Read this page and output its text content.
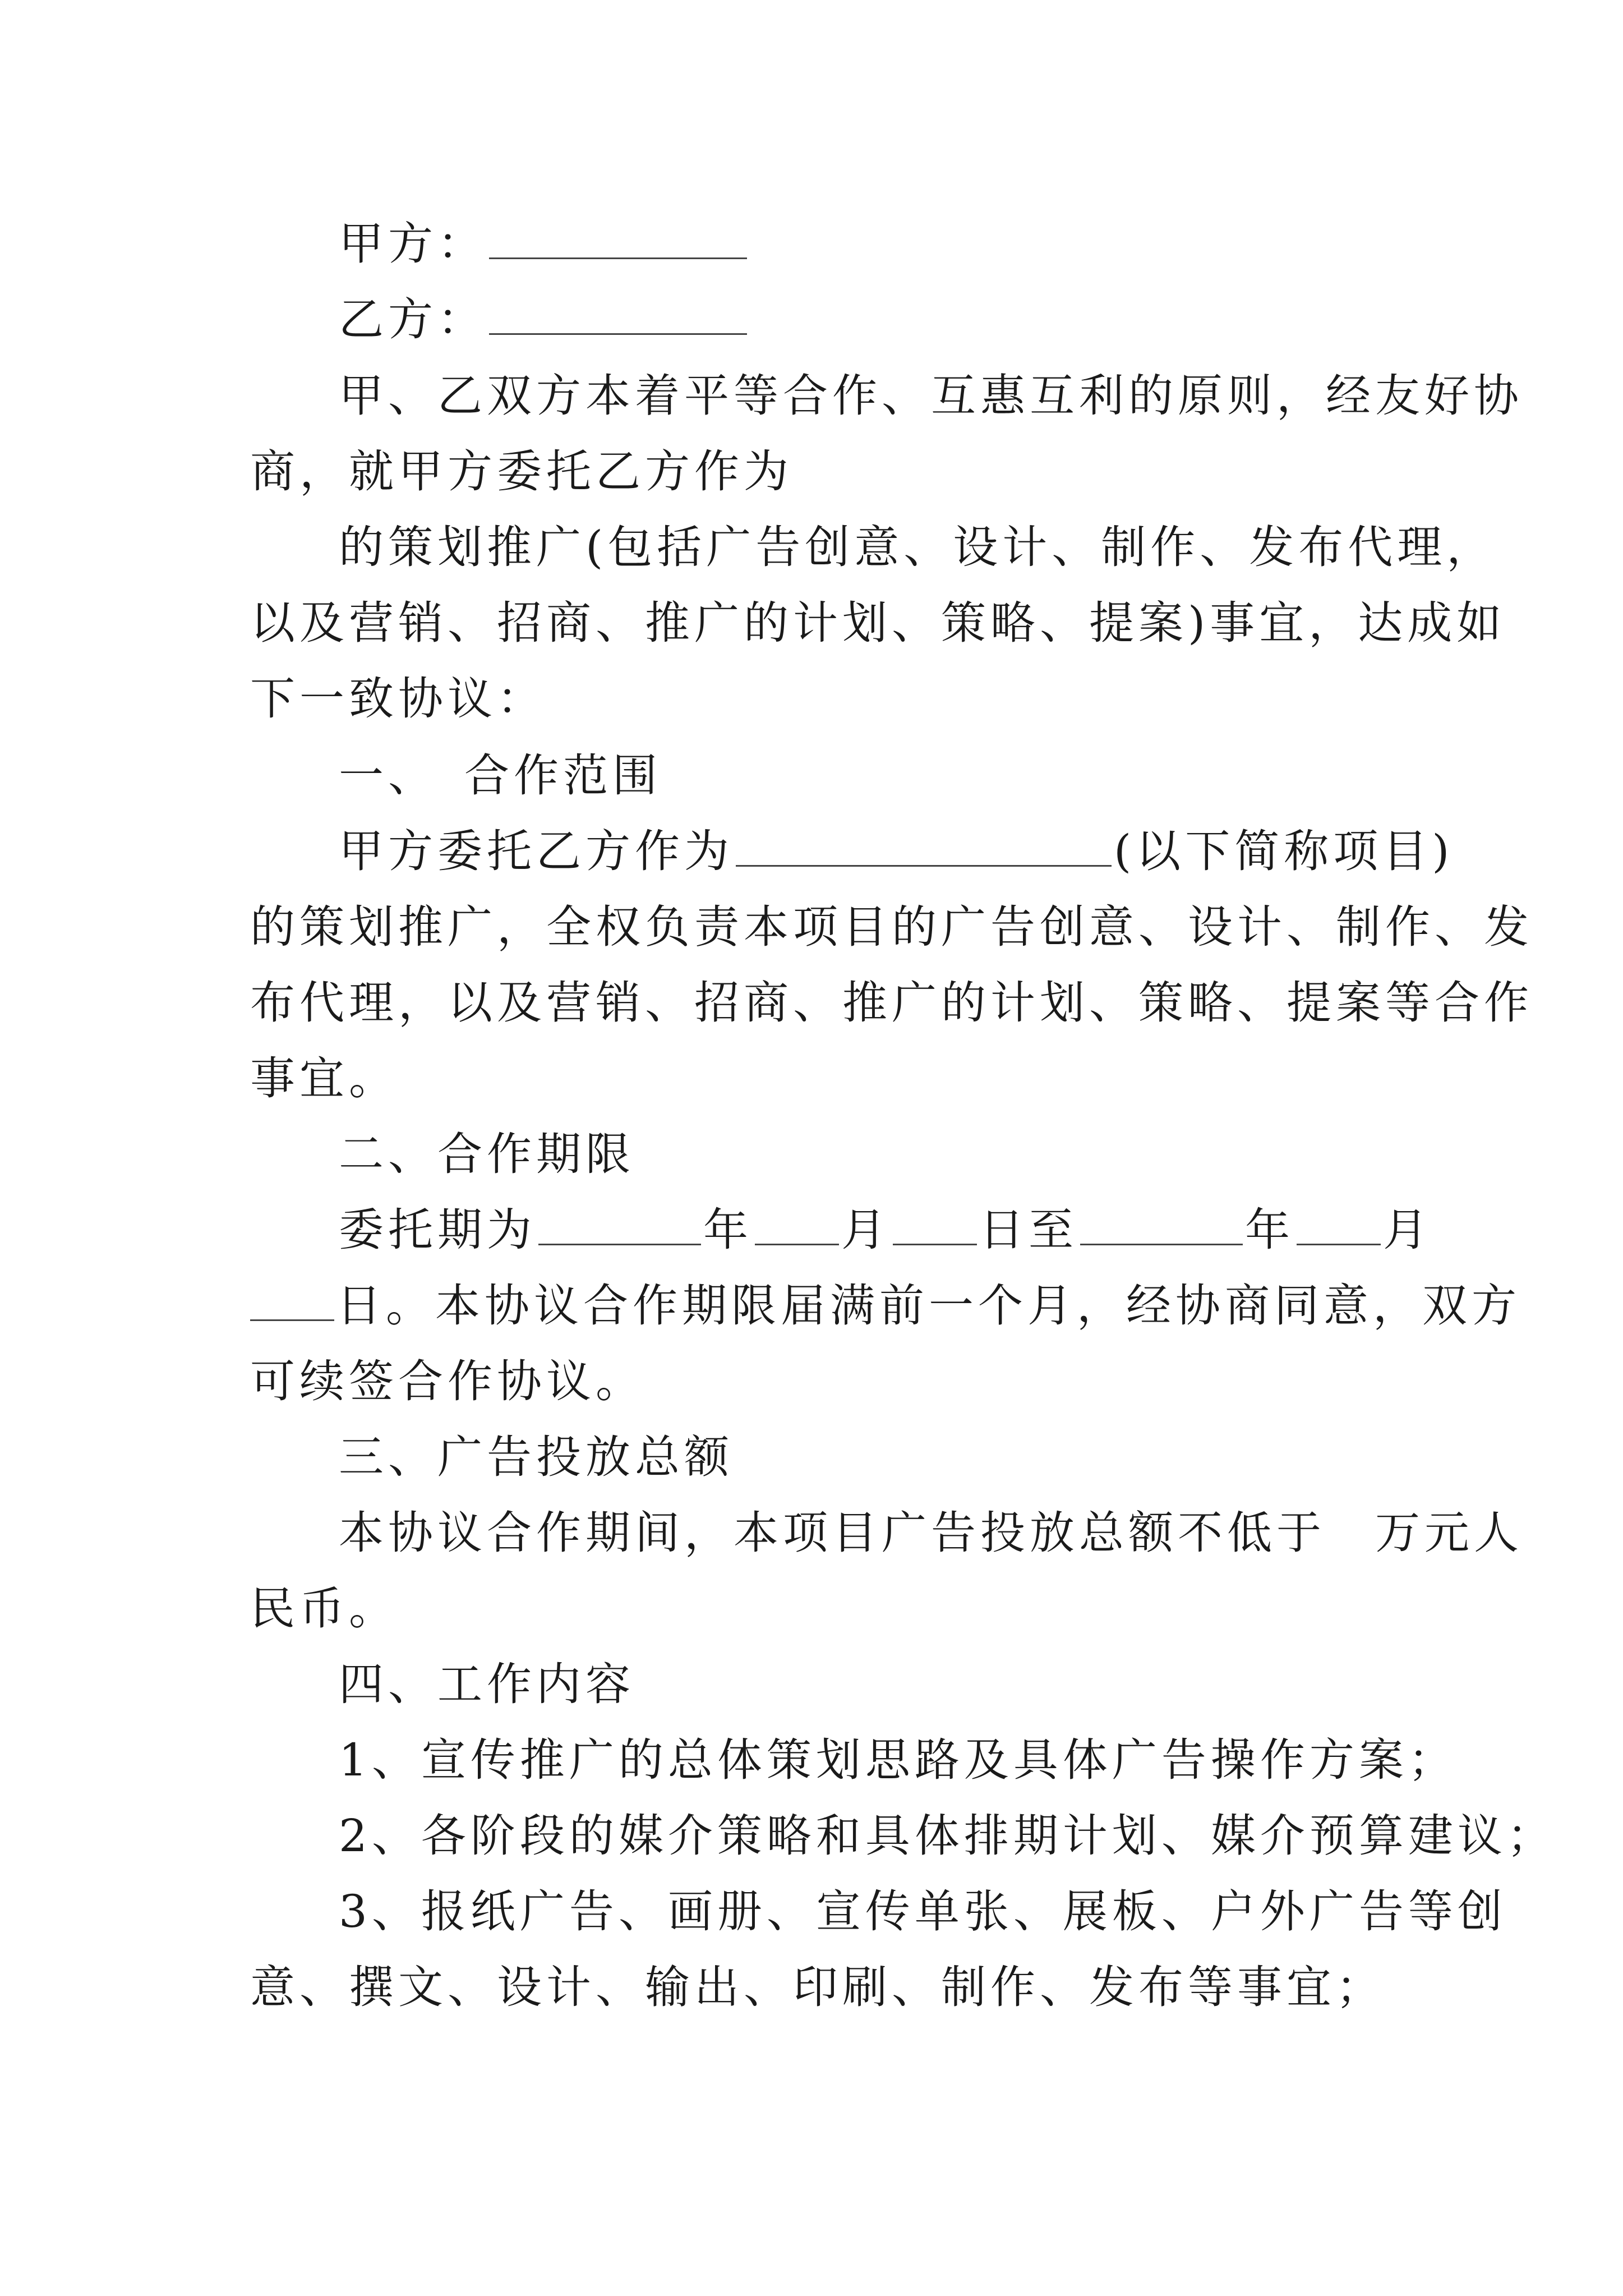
甲方：
乙方：
甲、乙双方本着平等合作、互惠互利的原则，经友好协
商，就甲方委托乙方作为
的策划推广(包括广告创意、设计、制作、发布代理，
以及营销、招商、推广的计划、策略、提案)事宜，达成如
下一致协议：
一、　合作范围
甲方委托乙方作为	(以下简称项目)
的策划推广，全权负责本项目的广告创意、设计、制作、发
布代理，以及营销、招商、推广的计划、策略、提案等合作
事宜。
二、合作期限
委托期为	年 月 日至	年 月
日。本协议合作期限届满前一个月，经协商同意，双方
可续签合作协议。
三、广告投放总额
本协议合作期间，本项目广告投放总额不低于　万元人
民币。
四、工作内容
1、宣传推广的总体策划思路及具体广告操作方案；
2、各阶段的媒介策略和具体排期计划、媒介预算建议；
3、报纸广告、画册、宣传单张、展板、户外广告等创
意、撰文、设计、输出、印刷、制作、发布等事宜；
